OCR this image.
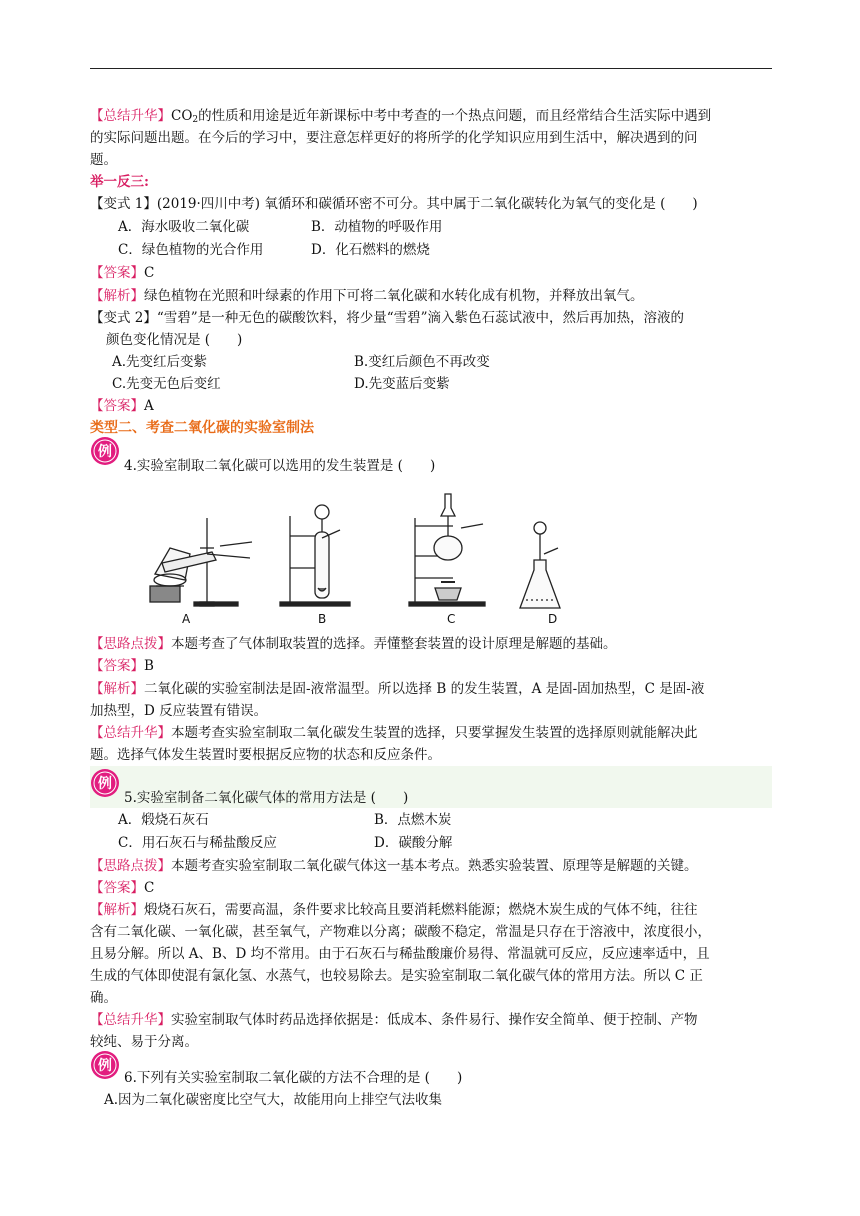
【总结升华】$CO_2$的性质和用途是近年新课标中考中考查的一个热点问题，而且经常结合生活实际中遇到
的实际问题出题。在今后的学习中，要注意怎样更好的将所学的化学知识应用到生活中，解决遇到的问
题。
举一反三:
【变式 1】(2019·四川中考) 氧循环和碳循环密不可分。其中属于二氧化碳转化为氧气的变化是 (　　)
A．海水吸收二氧化碳	B．动植物的呼吸作用
C．绿色植物的光合作用	D．化石燃料的燃烧
【答案】C
【解析】绿色植物在光照和叶绿素的作用下可将二氧化碳和水转化成有机物，并释放出氧气。
【变式 2】“雪碧”是一种无色的碳酸饮料，将少量“雪碧”滴入紫色石蕊试液中，然后再加热，溶液的
颜色变化情况是 (　　)
A.先变红后变紫	B.变红后颜色不再改变
C.先变无色后变红	D.先变蓝后变紫
【答案】A
类型二、考查二氧化碳的实验室制法
例
4.实验室制取二氧化碳可以选用的发生装置是 (　　)
A	B	C	D
【思路点拨】本题考查了气体制取装置的选择。弄懂整套装置的设计原理是解题的基础。
【答案】B
【解析】二氧化碳的实验室制法是固-液常温型。所以选择 B 的发生装置，A 是固-固加热型，C 是固-液
加热型，D 反应装置有错误。
【总结升华】本题考查实验室制取二氧化碳发生装置的选择，只要掌握发生装置的选择原则就能解决此
题。选择气体发生装置时要根据反应物的状态和反应条件。
例
5.实验室制备二氧化碳气体的常用方法是 (　　)
A．煅烧石灰石	B．点燃木炭
C．用石灰石与稀盐酸反应	D．碳酸分解
【思路点拨】本题考查实验室制取二氧化碳气体这一基本考点。熟悉实验装置、原理等是解题的关键。
【答案】C
【解析】煅烧石灰石，需要高温，条件要求比较高且要消耗燃料能源；燃烧木炭生成的气体不纯，往往
含有二氧化碳、一氧化碳，甚至氧气，产物难以分离；碳酸不稳定，常温是只存在于溶液中，浓度很小，
且易分解。所以 A、B、D 均不常用。由于石灰石与稀盐酸廉价易得、常温就可反应，反应速率适中，且
生成的气体即使混有氯化氢、水蒸气，也较易除去。是实验室制取二氧化碳气体的常用方法。所以 C 正
确。
【总结升华】实验室制取气体时药品选择依据是：低成本、条件易行、操作安全简单、便于控制、产物
较纯、易于分离。
例
6.下列有关实验室制取二氧化碳的方法不合理的是 (　　)
A.因为二氧化碳密度比空气大，故能用向上排空气法收集
